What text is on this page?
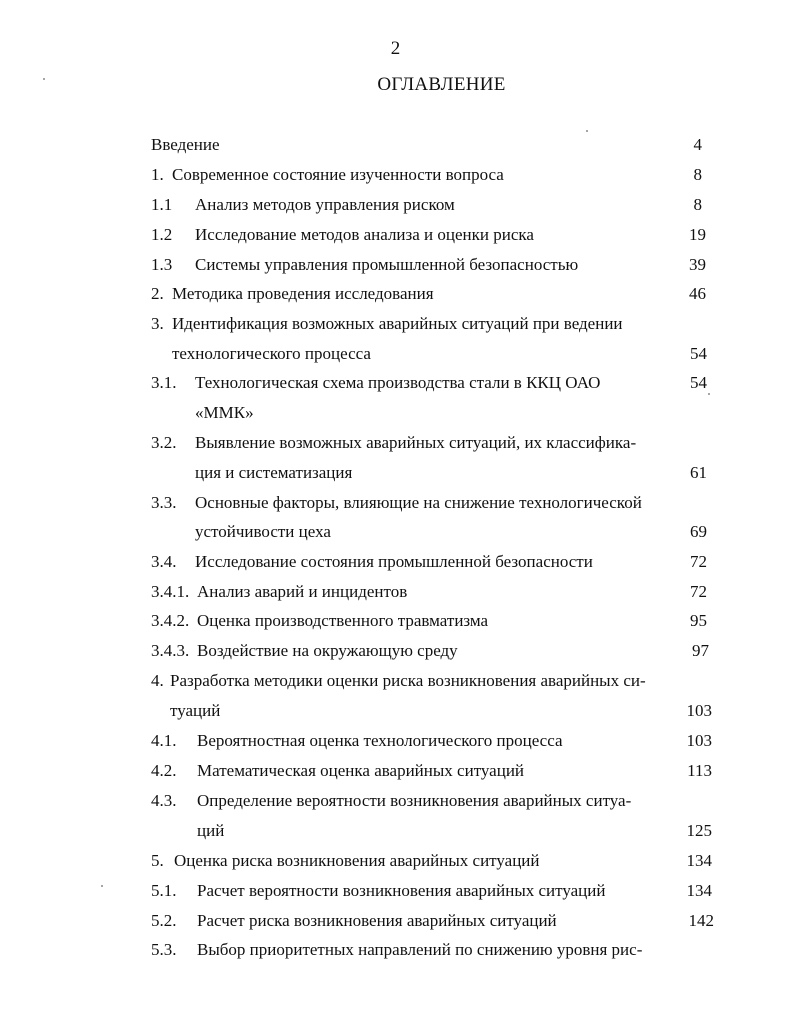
2
ОГЛАВЛЕНИЕ
Введение	4
1. Современное состояние изученности вопроса	8
1.1 Анализ методов управления риском	8
1.2 Исследование методов анализа и оценки риска	19
1.3 Системы управления промышленной безопасностью	39
2. Методика проведения исследования	46
3. Идентификация возможных аварийных ситуаций при ведении
технологического процесса	54
3.1. Технологическая схема производства стали в ККЦ ОАО	54
«ММК»
3.2. Выявление возможных аварийных ситуаций, их классифика-
ция и систематизация	61
3.3. Основные факторы, влияющие на снижение технологической
устойчивости цеха	69
3.4. Исследование состояния промышленной безопасности	72
3.4.1. Анализ аварий и инцидентов	72
3.4.2. Оценка производственного травматизма	95
3.4.3. Воздействие на окружающую среду	97
4. Разработка методики оценки риска возникновения аварийных си-
туаций	103
4.1. Вероятностная оценка технологического процесса	103
4.2. Математическая оценка аварийных ситуаций	113
4.3. Определение вероятности возникновения аварийных ситуа-
ций	125
5. Оценка риска возникновения аварийных ситуаций	134
5.1. Расчет вероятности возникновения аварийных ситуаций	134
5.2. Расчет риска возникновения аварийных ситуаций	142
5.3. Выбор приоритетных направлений по снижению уровня рис-
